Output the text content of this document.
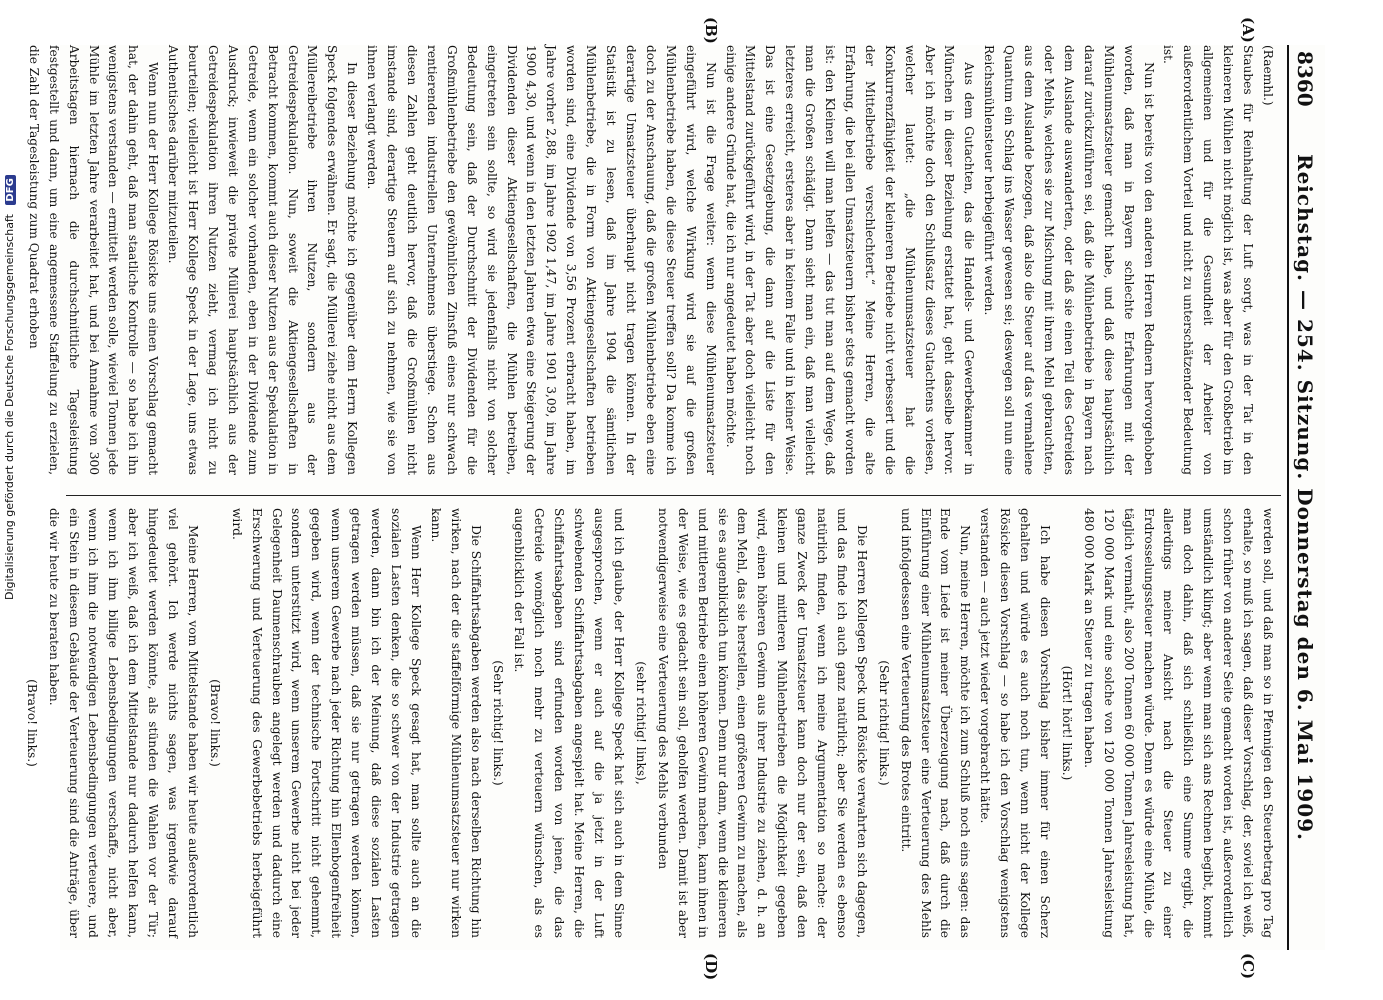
8360
Reichstag. — 254. Sitzung. Donnerstag den 6. Mai 1909.
(A)
(B)
(C)
(D)

(Raemhl.)

Staubes für Reinhaltung der Luft sorgt, was in der Tat in den kleineren Mühlen nicht möglich ist, was aber für den Großbetrieb im allgemeinen und für die Gesundheit der Arbeiter von außerordentlichem Vorteil und nicht zu unterschätzender Bedeutung ist.

Nun ist bereits von den anderen Herren Rednern hervorgehoben worden, daß man in Bayern schlechte Erfahrungen mit der Mühlenumsatzsteuer gemacht habe, und daß diese hauptsächlich darauf zurückzuführen sei, daß die Mühlenbetriebe in Bayern nach dem Auslande auswanderten, oder daß sie einen Teil des Getreides oder Mehls, welches sie zur Mischung mit ihrem Mehl gebrauchten, aus dem Auslande bezogen, daß also die Steuer auf das vermahlene Quantum ein Schlag ins Wasser gewesen sei; deswegen soll nun eine Reichsmühlensteuer herbeigeführt werden.

Aus dem Gutachten, das die Handels- und Gewerbekammer in München in dieser Beziehung erstattet hat, geht dasselbe hervor. Aber ich möchte doch den Schlußsatz dieses Gutachtens vorlesen, welcher lautet: „die Mühlenumsatzsteuer hat die Konkurrenzfähigkeit der kleineren Betriebe nicht verbessert und die der Mittelbetriebe verschlechtert.“ Meine Herren, die alte Erfahrung, die bei allen Umsatzsteuern bisher stets gemacht worden ist: den Kleinen will man helfen — das tut man auf dem Wege, daß man die Großen schädigt. Dann sieht man ein, daß man vielleicht letzteres erreicht, ersteres aber in keinem Falle und in keiner Weise. Das ist eine Gesetzgebung, die dann auf die Liste für den Mittelstand zurückgeführt wird, in der Tat aber doch vielleicht noch einige andere Gründe hat, die ich nur angedeutet haben möchte.

Nun ist die Frage weiter: wenn diese Mühlenumsatzsteuer eingeführt wird, welche Wirkung wird sie auf die großen Mühlenbetriebe haben, die diese Steuer treffen soll? Da komme ich doch zu der Anschauung, daß die großen Mühlenbetriebe eben eine derartige Umsatzsteuer überhaupt nicht tragen können. In der Statistik ist zu lesen, daß im Jahre 1904 die sämtlichen Mühlenbetriebe, die in Form von Aktiengesellschaften betrieben worden sind, eine Dividende von 3,56 Prozent erbracht haben, im Jahre vorher 2,88, im Jahre 1902 1,47, im Jahre 1901 3,09, im Jahre 1900 4,30, und wenn in den letzten Jahren etwa eine Steigerung der Dividenden dieser Aktiengesellschaften, die Mühlen betreiben, eingetreten sein sollte, so wird sie jedenfalls nicht von solcher Bedeutung sein, daß der Durchschnitt der Dividenden für die Großmühlenbetriebe den gewöhnlichen Zinsfuß eines nur schwach rentierenden industriellen Unternehmens überstiege. Schon aus diesen Zahlen geht deutlich hervor, daß die Großmühlen nicht imstande sind, derartige Steuern auf sich zu nehmen, wie sie von ihnen verlangt werden.

In dieser Beziehung möchte ich gegenüber dem Herrn Kollegen Speck folgendes erwähnen. Er sagt, die Müllerei ziehe nicht aus dem Müllereibetriebe ihren Nutzen, sondern aus der Getreidespekulation. Nun, soweit die Aktiengesellschaften in Betracht kommen, kommt auch dieser Nutzen aus der Spekulation in Getreide, wenn ein solcher vorhanden, eben in der Dividende zum Ausdruck; inwieweit die private Müllerei hauptsächlich aus der Getreidespekulation ihren Nutzen zieht, vermag ich nicht zu beurteilen; vielleicht ist Herr Kollege Speck in der Lage, uns etwas Authentisches darüber mitzuteilen.

Wenn nun der Herr Kollege Rösicke uns einen Vorschlag gemacht hat, der dahin geht, daß man staatliche Kontrolle — so habe ich ihn wenigstens verstanden — ermittelt werden solle, wieviel Tonnen jede Mühle im letzten Jahre verarbeitet hat, und bei Annahme von 300 Arbeitstagen hiernach die durchschnittliche Tagesleistung festgestellt und dann, um eine angemessene Staffelung zu erzielen, die Zahl der Tagesleistung zum Quadrat erhoben

werden soll, und daß man so in Pfennigen den Steuerbetrag pro Tag erhalte, so muß ich sagen, daß dieser Vorschlag, der, soviel ich weiß, schon früher von anderer Seite gemacht worden ist, außerordentlich umständlich klingt; aber wenn man sich ans Rechnen begibt, kommt man doch dahin, daß sich schließlich eine Summe ergibt, die allerdings meiner Ansicht nach die Steuer zu einer Erdrosselungssteuer machen würde. Denn es würde eine Mühle, die täglich vermahlt, also 200 Tonnen 60 000 Tonnen Jahresleistung hat, 120 000 Mark und eine solche von 120 000 Tonnen Jahresleistung 480 000 Mark an Steuer zu tragen haben.

(Hört! hört! links.)

Ich habe diesen Vorschlag bisher immer für einen Scherz gehalten und würde es auch noch tun, wenn nicht der Kollege Rösicke diesen Vorschlag — so habe ich den Vorschlag wenigstens verstanden — auch jetzt wieder vorgebracht hätte.

Nun, meine Herren, möchte ich zum Schluß noch eins sagen: das Ende vom Liede ist meiner Überzeugung nach, daß durch die Einführung einer Mühlenumsatzsteuer eine Verteuerung des Mehls und infolgedessen eine Verteuerung des Brotes eintritt.

(Sehr richtig! links.)

Die Herren Kollegen Speck und Rösicke verwahrten sich dagegen, und das finde ich auch ganz natürlich; aber Sie werden es ebenso natürlich finden, wenn ich meine Argumentation so mache: der ganze Zweck der Umsatzsteuer kann doch nur der sein, daß den kleinen und mittleren Mühlenbetrieben die Möglichkeit gegeben wird, einen höheren Gewinn aus ihrer Industrie zu ziehen, d. h. an dem Mehl, das sie herstellen, einen größeren Gewinn zu machen, als sie es augenblicklich tun können. Denn nur dann, wenn die kleineren und mittleren Betriebe einen höheren Gewinn machen, kann ihnen in der Weise, wie es gedacht sein soll, geholfen werden. Damit ist aber notwendigerweise eine Verteuerung des Mehls verbunden

(sehr richtig! links),

und ich glaube, der Herr Kollege Speck hat sich auch in dem Sinne ausgesprochen, wenn er auch auf die ja jetzt in der Luft schwebenden Schiffahrtsabgaben angespielt hat. Meine Herren, die Schiffahrtsabgaben sind erfunden worden von jenen, die das Getreide womöglich noch mehr zu verteuern wünschen, als es augenblicklich der Fall ist.

(Sehr richtig! links.)

Die Schiffahrtsabgaben werden also nach derselben Richtung hin wirken, nach der die staffelförmige Mühlenumsatzsteuer nur wirken kann.

Wenn Herr Kollege Speck gesagt hat, man sollte auch an die sozialen Lasten denken, die so schwer von der Industrie getragen werden, dann bin ich der Meinung, daß diese sozialen Lasten getragen werden müssen, daß sie nur getragen werden können, wenn unserem Gewerbe nach jeder Richtung hin Ellenbogenfreiheit gegeben wird, wenn der technische Fortschritt nicht gehemmt, sondern unterstützt wird, wenn unserem Gewerbe nicht bei jeder Gelegenheit Daumenschrauben angelegt werden und dadurch eine Erschwerung und Verteuerung des Gewerbebetriebs herbeigeführt wird.

(Bravo! links.)

Meine Herren, vom Mittelstande haben wir heute außerordentlich viel gehört. Ich werde nichts sagen, was irgendwie darauf hingedeutet werden könnte, als stünden die Wahlen vor der Tür; aber ich weiß, daß ich dem Mittelstande nur dadurch helfen kann, wenn ich ihm billige Lebensbedingungen verschaffe, nicht aber, wenn ich ihm die notwendigen Lebensbedingungen verteuere, und ein Stein in diesem Gebäude der Verteuerung sind die Anträge, über die wir heute zu beraten haben.

(Bravo! links.)

Digitalisierung gefördert durch die Deutsche Forschungsgemeinschaft DFG
